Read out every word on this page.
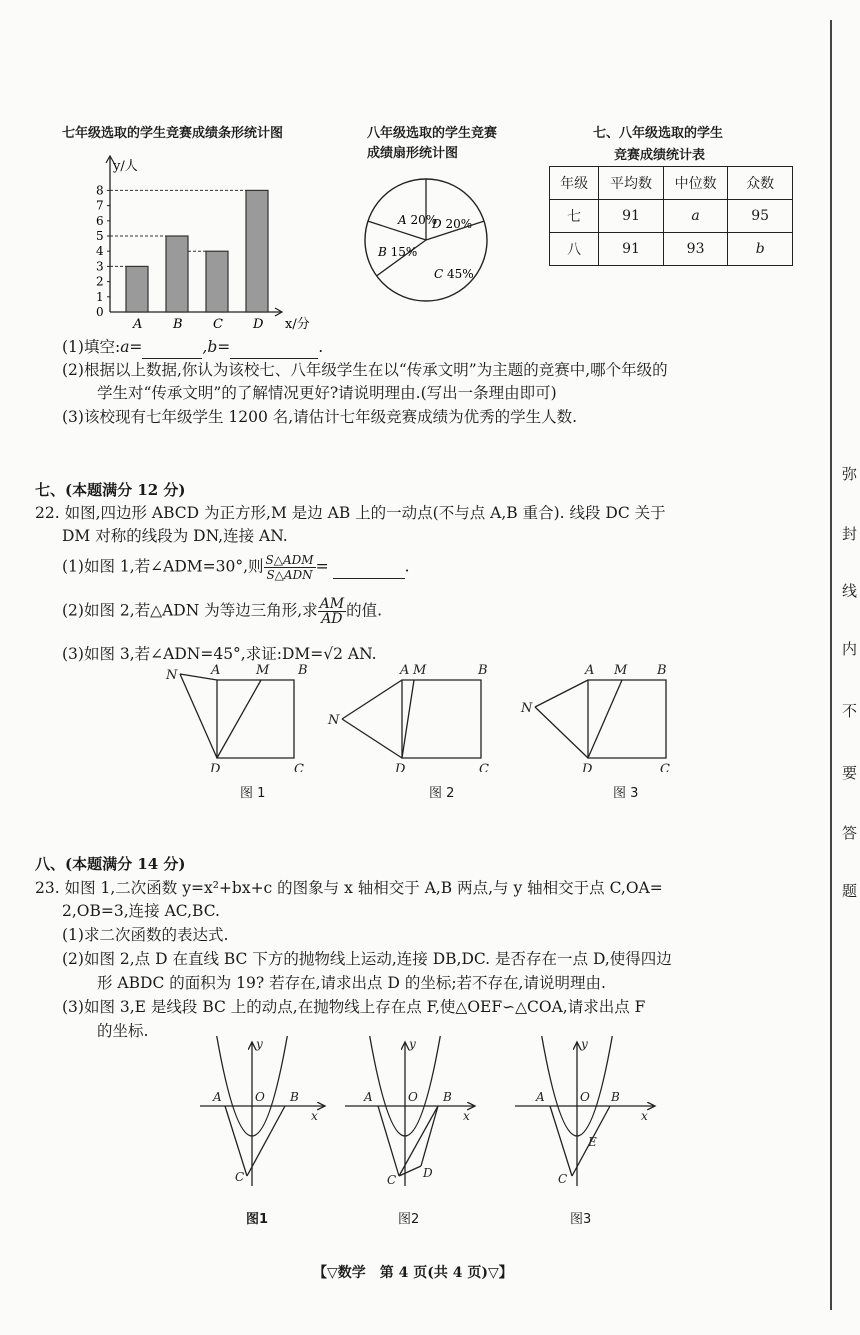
弥
封
线
内
不
要
答
题
七年级选取的学生竞赛成绩条形统计图
y/人
x/分
0
1
2
3
4
5
6
7
8
A B C D
八年级选取的学生竞赛
成绩扇形统计图
A 20%
D 20%
C 45%
B 15%
七、八年级选取的学生
竞赛成绩统计表
年级	平均数	中位数	众数
七	91	a	95
八	91	93	b
(1)填空:a=	,b=	.
(2)根据以上数据,你认为该校七、八年级学生在以“传承文明”为主题的竞赛中,哪个年级的
学生对“传承文明”的了解情况更好?请说明理由.(写出一条理由即可)
(3)该校现有七年级学生 1200 名,请估计七年级竞赛成绩为优秀的学生人数.
七、(本题满分 12 分)
22. 如图,四边形 ABCD 为正方形,M 是边 AB 上的一动点(不与点 A,B 重合). 线段 DC 关于
DM 对称的线段为 DN,连接 AN.
(1)如图 1,若∠ADM=30°,则 $\frac{\text{S△ADM}}{\text{S△ADN}}$ =	.
(2)如图 2,若△ADN 为等边三角形,求 $\frac{AM}{AD}$ 的值.
(3)如图 3,若∠ADN=45°,求证:DM=√2 AN.
N	A	M B
D	C
N
A M	B
D	C
N
A M B
D	C
图 1	图 2	图 3
八、(本题满分 14 分)
23. 如图 1,二次函数 y=x²+bx+c 的图象与 x 轴相交于 A,B 两点,与 y 轴相交于点 C,OA=
2,OB=3,连接 AC,BC.
(1)求二次函数的表达式.
(2)如图 2,点 D 在直线 BC 下方的抛物线上运动,连接 DB,DC. 是否存在一点 D,使得四边
形 ABDC 的面积为 19? 若存在,请求出点 D 的坐标;若不存在,请说明理由.
(3)如图 3,E 是线段 BC 上的动点,在抛物线上存在点 F,使△OEF∽△COA,请求出点 F
的坐标.
A	O B
x
y
C
A	O B
x
y
C D
A	O B
x
y
C
E
图1	图2	图3
【▽数学　第 4 页(共 4 页)▽】
